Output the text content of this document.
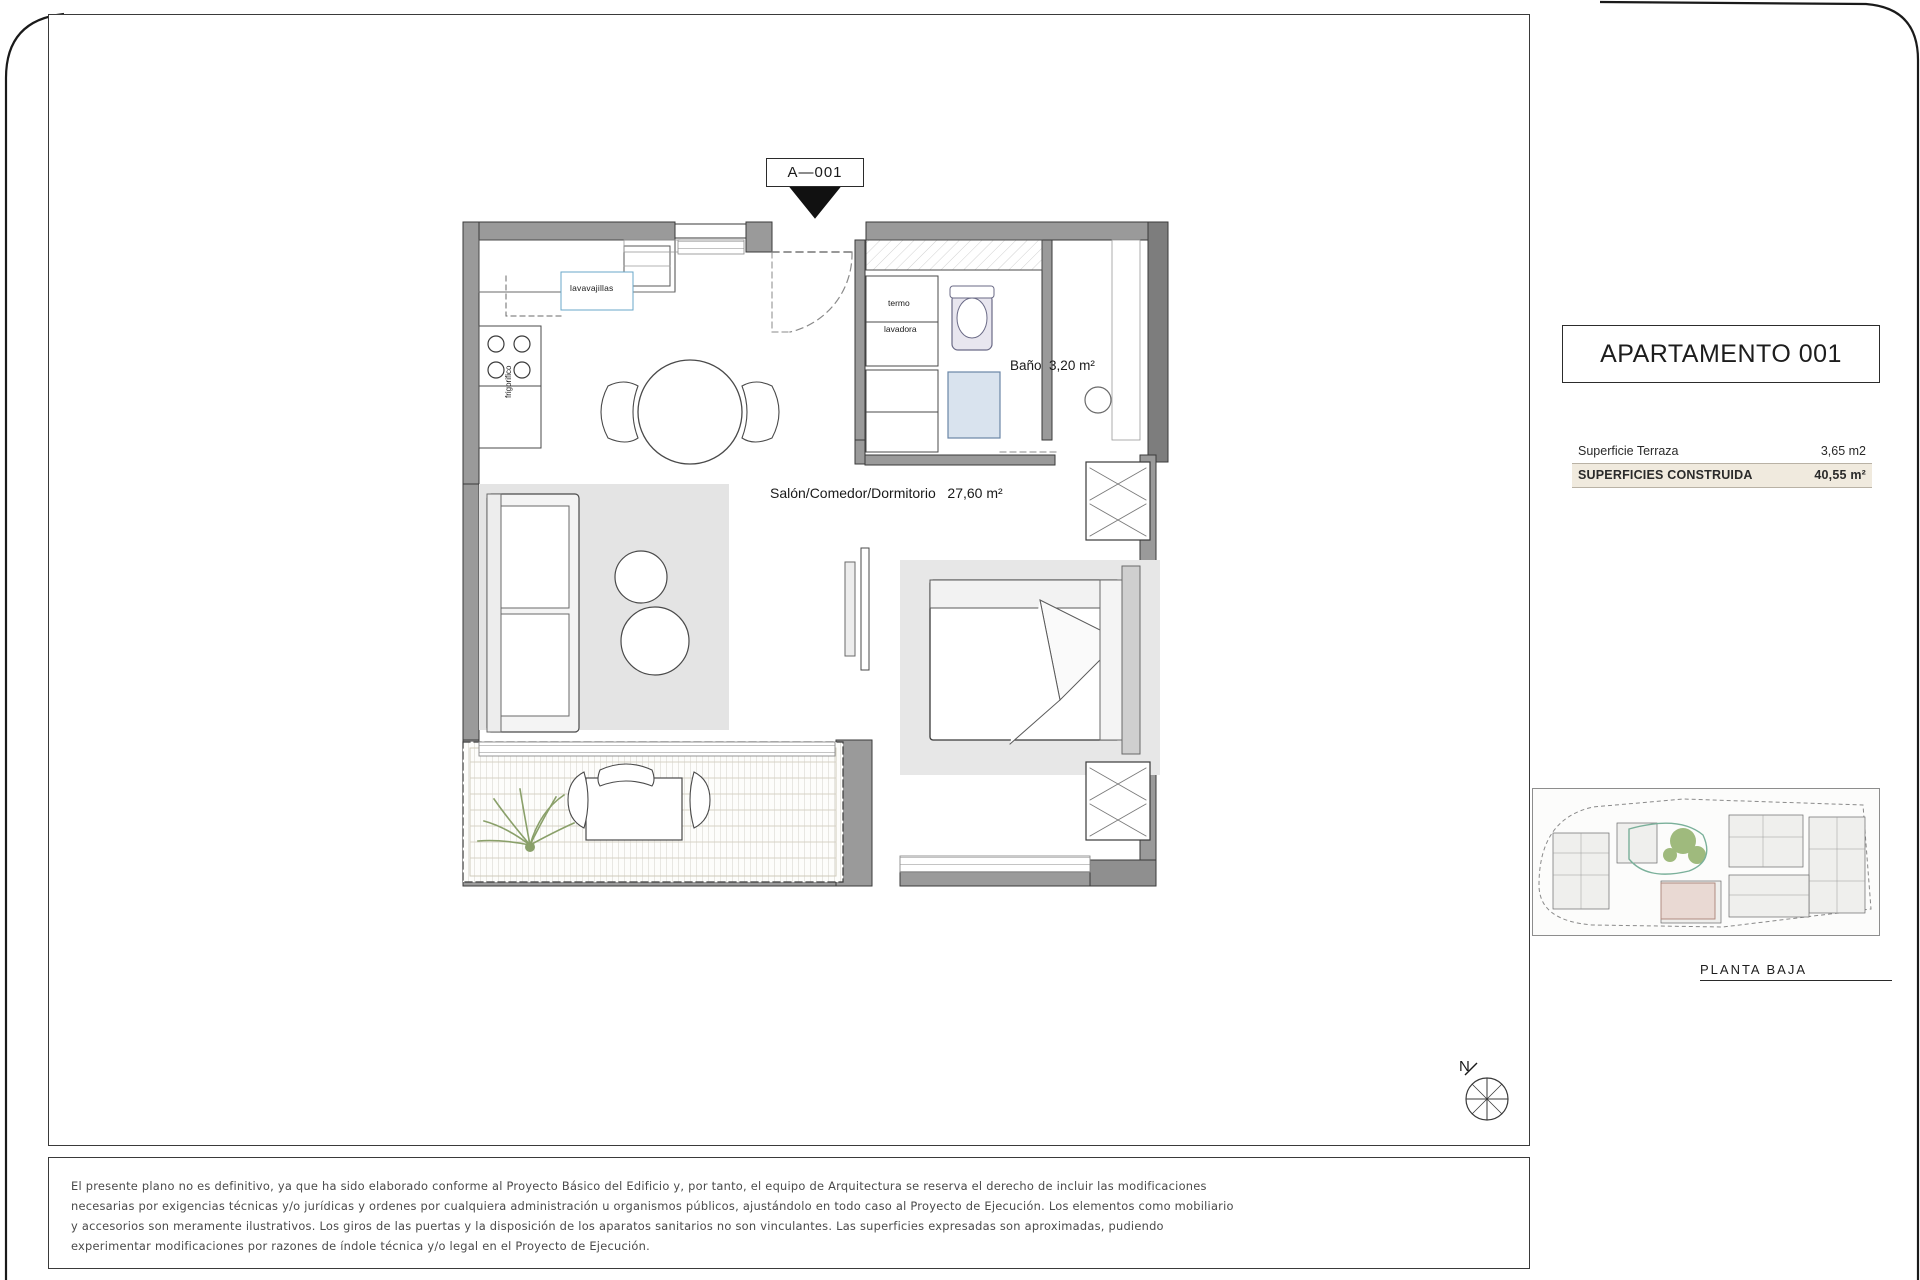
A—001
Salón/Comedor/Dormitorio 27,60 m²
Baño 3,20 m²
lavavajillas
frigorifico
termo
lavadora
APARTAMENTO 001
Superficie Terraza	3,65 m2
SUPERFICIES CONSTRUIDA	40,55 m²
PLANTA BAJA
N

El presente plano no es definitivo, ya que ha sido elaborado conforme al Proyecto Básico del Edificio y, por tanto, el equipo de Arquitectura se reserva el derecho de incluir las modificaciones

necesarias por exigencias técnicas y/o jurídicas y ordenes por cualquiera administración u organismos públicos, ajustándolo en todo caso al Proyecto de Ejecución. Los elementos como mobiliario

y accesorios son meramente ilustrativos. Los giros de las puertas y la disposición de los aparatos sanitarios no son vinculantes. Las superficies expresadas son aproximadas, pudiendo

experimentar modificaciones por razones de índole técnica y/o legal en el Proyecto de Ejecución.
